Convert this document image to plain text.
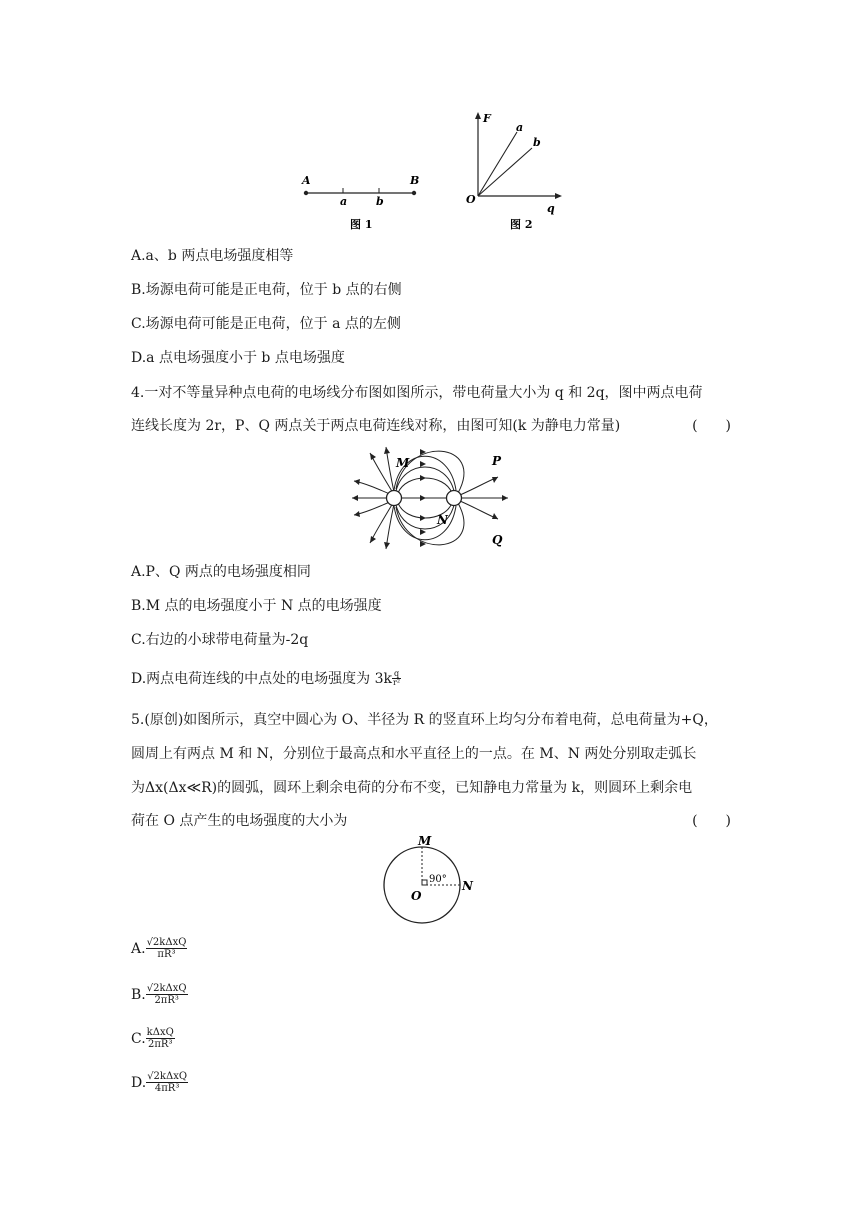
A	B
a	b
图 1
F
q
O
a
b
图 2
A.a、b 两点电场强度相等
B.场源电荷可能是正电荷，位于 b 点的右侧
C.场源电荷可能是正电荷，位于 a 点的左侧
D.a 点电场强度小于 b 点电场强度
4.一对不等量异种点电荷的电场线分布图如图所示，带电荷量大小为 q 和 2q，图中两点电荷
连线长度为 2r，P、Q 两点关于两点电荷连线对称，由图可知(k 为静电力常量)	(　　)
M	P
N
Q
A.P、Q 两点的电场强度相同
B.M 点的电场强度小于 N 点的电场强度
C.右边的小球带电荷量为-2q
D.两点电荷连线的中点处的电场强度为 $3k \frac{q}{\text{r²}}$
5.(原创)如图所示，真空中圆心为 O、半径为 R 的竖直环上均匀分布着电荷，总电荷量为+Q，
圆周上有两点 M 和 N，分别位于最高点和水平直径上的一点。在 M、N 两处分别取走弧长
为Δx(Δx≪R)的圆弧，圆环上剩余电荷的分布不变，已知静电力常量为 k，则圆环上剩余电
荷在 O 点产生的电场强度的大小为	(　　)
M
N
O
90°
A. $\frac{\text{√2kΔxQ}}{\text{πR³}}$
B. $\frac{\text{√2kΔxQ}}{\text{2πR³}}$
C. $\frac{\text{kΔxQ}}{\text{2πR³}}$
D. $\frac{\text{√2kΔxQ}}{\text{4πR³}}$
